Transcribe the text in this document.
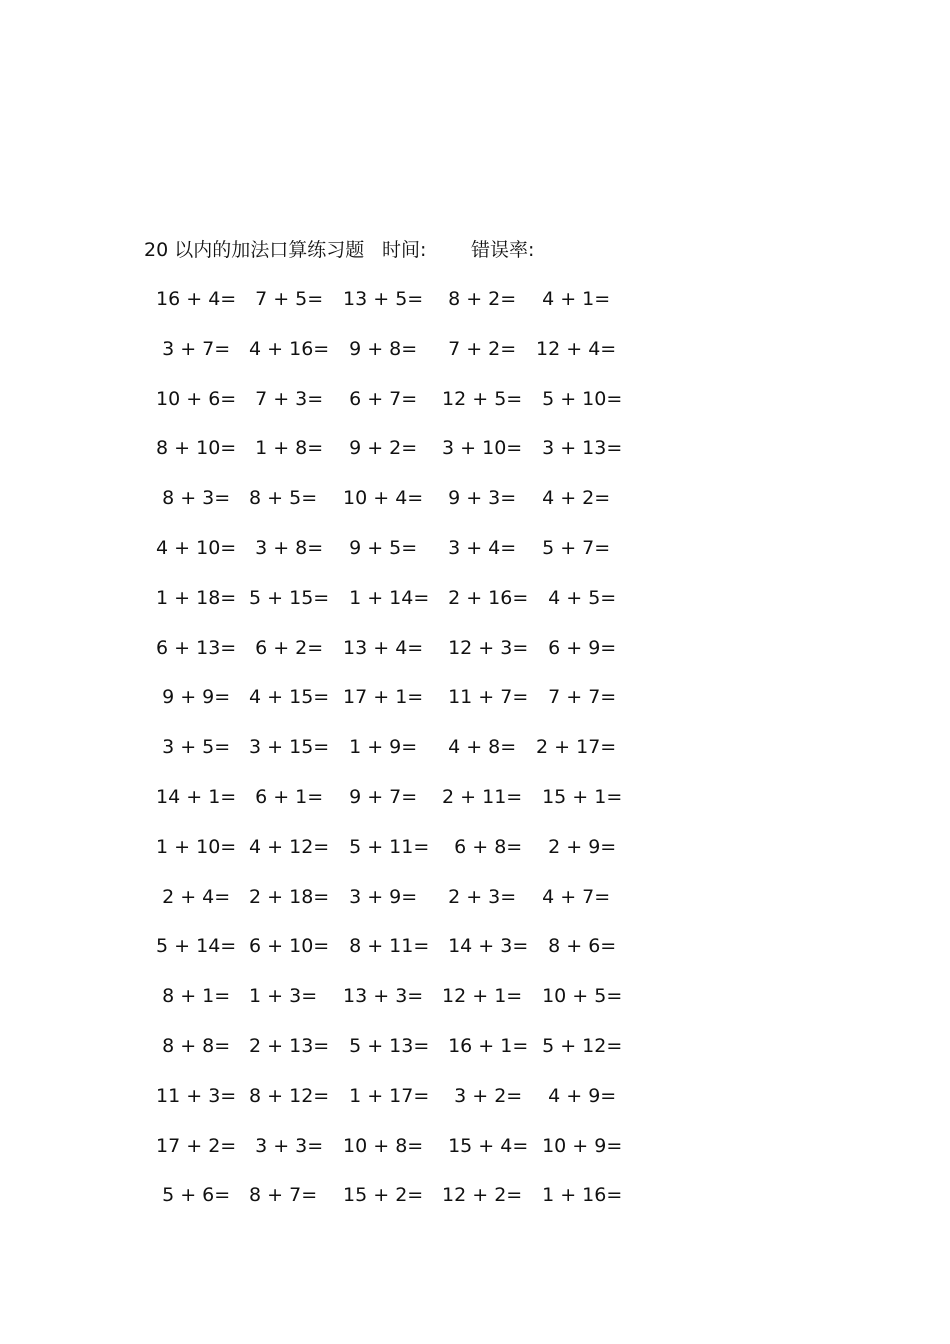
20 以内的加法口算练习题 时间: 错误率:
16 + 4= 7 + 5= 13 + 5= 8 + 2= 4 + 1=
3 + 7= 4 + 16= 9 + 8= 7 + 2= 12 + 4=
10 + 6= 7 + 3= 6 + 7= 12 + 5= 5 + 10=
8 + 10= 1 + 8= 9 + 2= 3 + 10= 3 + 13=
8 + 3= 8 + 5= 10 + 4= 9 + 3= 4 + 2=
4 + 10= 3 + 8= 9 + 5= 3 + 4= 5 + 7=
1 + 18= 5 + 15= 1 + 14= 2 + 16= 4 + 5=
6 + 13= 6 + 2= 13 + 4= 12 + 3= 6 + 9=
9 + 9= 4 + 15= 17 + 1= 11 + 7= 7 + 7=
3 + 5= 3 + 15= 1 + 9= 4 + 8= 2 + 17=
14 + 1= 6 + 1= 9 + 7= 2 + 11= 15 + 1=
1 + 10= 4 + 12= 5 + 11= 6 + 8= 2 + 9=
2 + 4= 2 + 18= 3 + 9= 2 + 3= 4 + 7=
5 + 14= 6 + 10= 8 + 11= 14 + 3= 8 + 6=
8 + 1= 1 + 3= 13 + 3= 12 + 1= 10 + 5=
8 + 8= 2 + 13= 5 + 13= 16 + 1= 5 + 12=
11 + 3= 8 + 12= 1 + 17= 3 + 2= 4 + 9=
17 + 2= 3 + 3= 10 + 8= 15 + 4= 10 + 9=
5 + 6= 8 + 7= 15 + 2= 12 + 2= 1 + 16=
